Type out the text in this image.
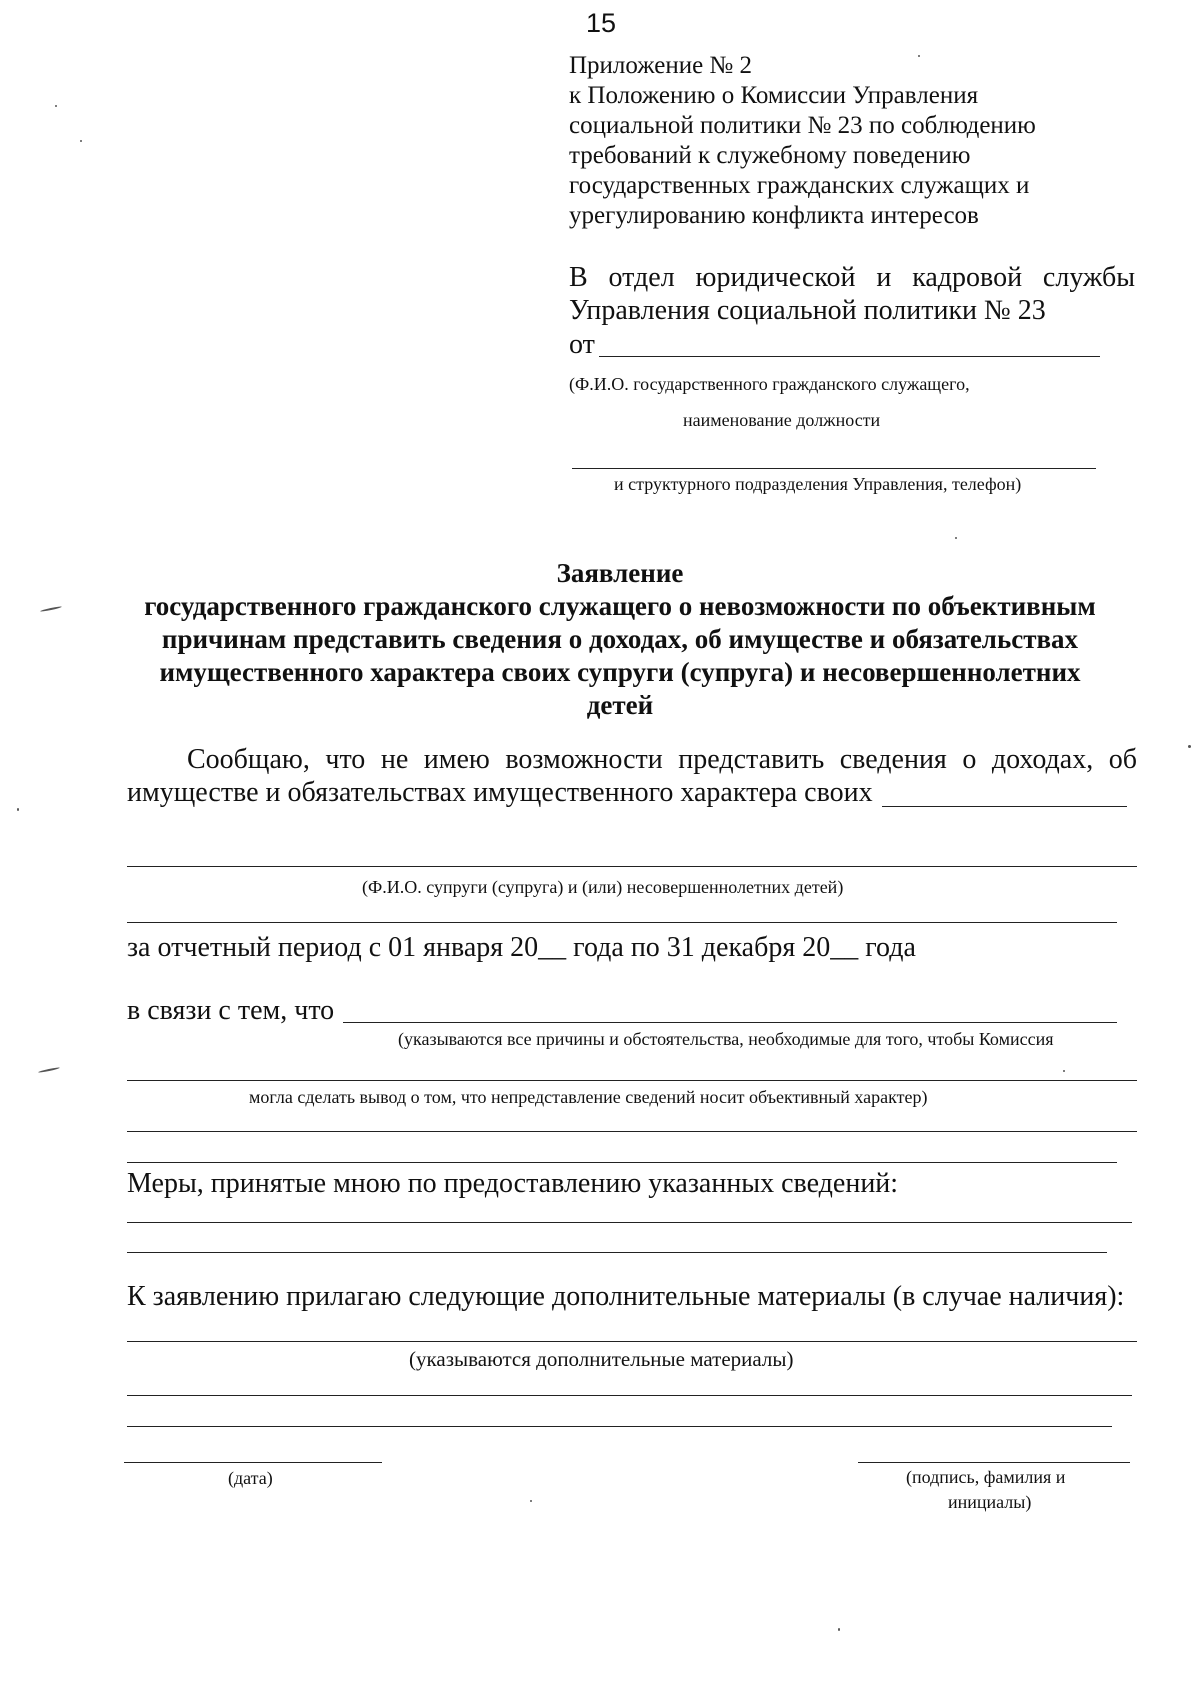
15
Приложение № 2
к Положению о Комиссии Управления
социальной политики № 23 по соблюдению
требований к служебному поведению
государственных гражданских служащих и
урегулированию конфликта интересов
В отдел юридической и кадровой службы
Управления социальной политики № 23
от
(Ф.И.О. государственного гражданского служащего,
наименование должности
и структурного подразделения Управления, телефон)
Заявление
государственного гражданского служащего о невозможности по объективным
причинам представить сведения о доходах, об имуществе и обязательствах
имущественного характера своих супруги (супруга) и несовершеннолетних
детей
Сообщаю, что не имею возможности представить сведения о доходах, об
имуществе и обязательствах имущественного характера своих
(Ф.И.О. супруги (супруга) и (или) несовершеннолетних детей)
за отчетный период с 01 января 20__ года по 31 декабря 20__ года
в связи с тем, что
(указываются все причины и обстоятельства, необходимые для того, чтобы Комиссия
могла сделать вывод о том, что непредставление сведений носит объективный характер)
Меры, принятые мною по предоставлению указанных сведений:
К заявлению прилагаю следующие дополнительные материалы (в случае наличия):
(указываются дополнительные материалы)
(дата)	(подпись, фамилия и
инициалы)
